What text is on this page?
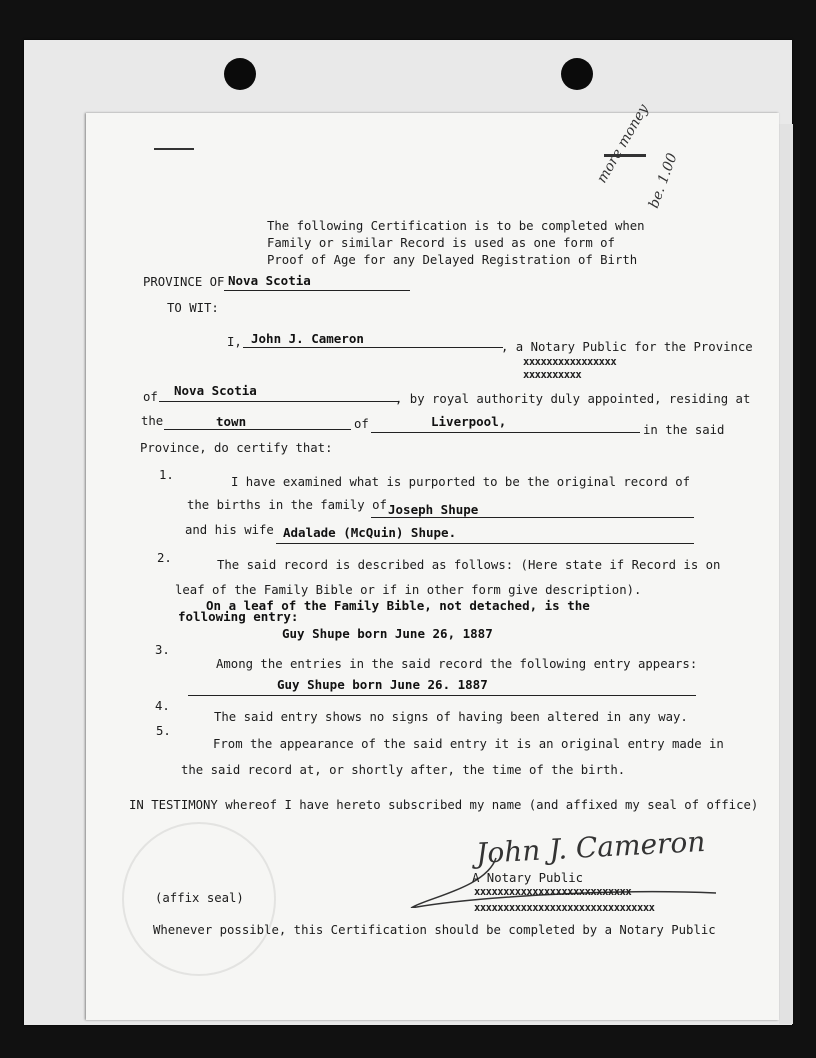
more money
be. 1.00
The following Certification is to be completed when
Family or similar Record is used as one form of
Proof of Age for any Delayed Registration of Birth
PROVINCE OF Nova Scotia
TO WIT:
I, John J. Cameron
, a Notary Public for the Province
xxxxxxxxxxxxxxxx
xxxxxxxxxx
of Nova Scotia
, by royal authority duly appointed, residing at
the	town	of	Liverpool,
in the said
Province, do certify that:
1.	I have examined what is purported to be the original record of
the births in the family of Joseph Shupe
and his wife Adalade (McQuin) Shupe.
2.	The said record is described as follows: (Here state if Record is on
leaf of the Family Bible or if in other form give description).
On a leaf of the Family Bible, not detached, is the
following entry:
Guy Shupe born June 26, 1887
3.
Among the entries in the said record the following entry appears:
Guy Shupe born June 26. 1887
4.
The said entry shows no signs of having been altered in any way.
5.
From the appearance of the said entry it is an original entry made in
the said record at, or shortly after, the time of the birth.
IN TESTIMONY whereof I have hereto subscribed my name (and affixed my seal of office)
John J. Cameron
A Notary Public
xxxxxxxxxxxxxxxxxxxxxxxxxxx
xxxxxxxxxxxxxxxxxxxxxxxxxxxxxxx
(affix seal)
Whenever possible, this Certification should be completed by a Notary Public
